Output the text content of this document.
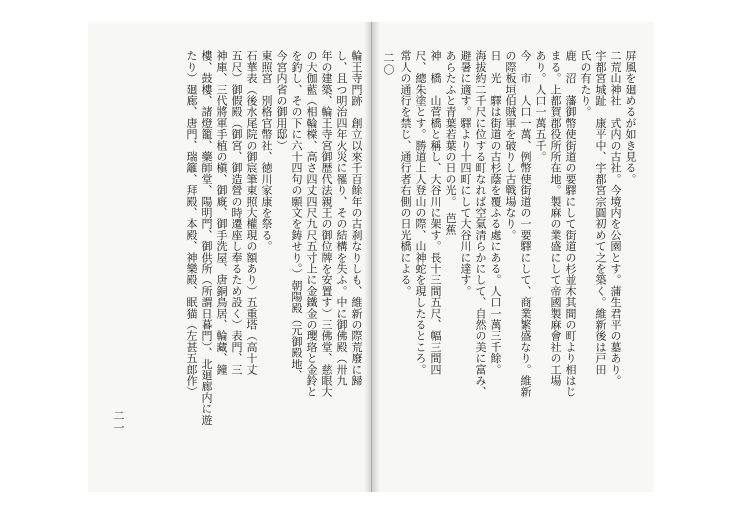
輪王寺門跡　創立以來千百餘年の古刹なりしも、維新の際荒廢に歸
し、且つ明治四年火災に罹り、その結構を失ふ。中に御佛殿（卅九
年の建築、輪王寺宮御歴代法親王の御位牌を安置す）三佛堂、慈眼大
の大伽藍（相輪橖、高さ四丈四尺九尺五寸上に金鐵金の瓔珞と金鈴と
を釣し、その下に六十四句の願文を鋳せり。）朝陽殿（元御殿地、
今宮内省の御用邸）
東照宮　別格官幣社、徳川家康を祭る。
石華表（後水尾院の御宸筆東照大權現の額あり）五重塔（高十丈
五尺）御假殿（御宮、御造營の時遷座し奉るため設く）表門、三
神庫、三代將軍手植の槇、御廐、御手洗屋、唐銅鳥居、輪藏、鐘
樓、鼓樓、諸燈籠、藥師堂、陽明門、御供所（所謂日暮門）、北廻廊内に遊
たり）廻廊、唐門、瑞籬、拜殿、本殿、神樂殿、眠猫（左甚五郎作）
二一
二〇	屏風を廻めるが如き見る。
二荒山神社　式内の古社。今境内を公園とす。蒲生君平の墓あり。
宇都宮城趾　康平中、宇都宮宗圓初めて之を築く。維新後は戸田
氏の有たり。
鹿　沼　藩御幣使街道の要驛にして街道の杉並木其間の町より相はじ
まる。上都賀郡役所所在地。製麻の業盛にして帝國製麻會社の工場
あり。人口一萬五千。
今　市　人口一萬、例幣使街道の一要驛にして、商業繁盛なり。維新
の際板垣伯賊軍を破りし古戰場なり。
日　光　驛は街道の古杉蔭を覆ふる處にある。人口一萬三千餘。
海拔約二千尺に位する町なれば空氣清らかにして、自然の美に富み、
避暑に適す。驛より十四町にして大谷川に達す。
あらたふと青葉若葉の日の光。　芭蕉
神　橋　山菅橋と稱し、大谷川に架す。長十三間五尺、幅三間四
尺、總朱塗とす。勝道上人登山の際、山神蛇を現したるところ。
常人の通行を禁じ、通行者右側の日光橋による。
